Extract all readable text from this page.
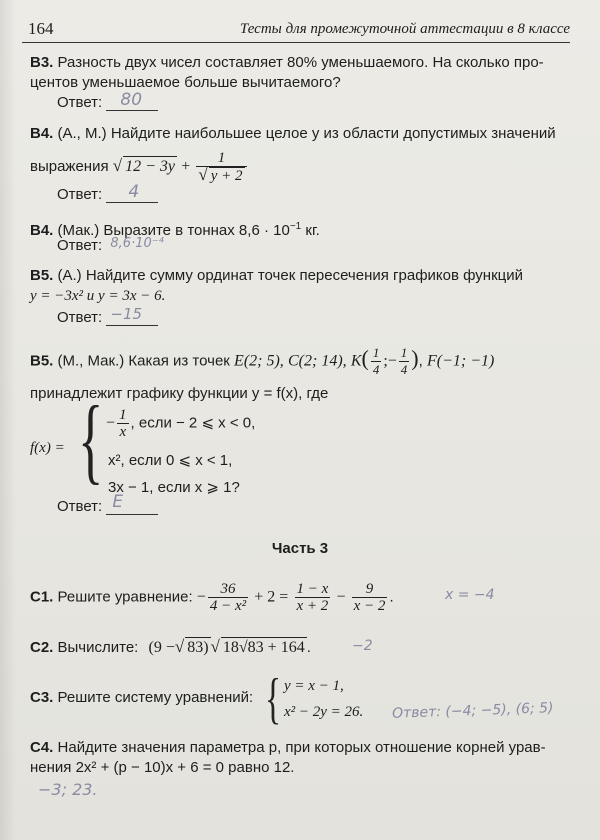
164	Тесты для промежуточной аттестации в 8 классе
B3. Разность двух чисел составляет 80% уменьшаемого. На сколько про-
центов уменьшаемое больше вычитаемого?
Ответ: 80
B4. (А., М.) Найдите наибольшее целое y из области допустимых значений
выражения √ $12 - 3y + \frac{1}{√ y + 2}$
Ответ: 4
B4. (Мак.) Выразите в тоннах $8,6 \cdot 10^{-1}$ кг.
Ответ: 8,6·10⁻⁴
B5. (А.) Найдите сумму ординат точек пересечения графиков функций
y = −3x² и y = 3x − 6.
Ответ: −15
B5. (М., Мак.) Какая из точек E(2; 5), C(2; 14), $K( \frac{1}{4}$ ;− $\frac{1}{4}$ ), F(−1; −1)
принадлежит графику функции y = f(x), где
f(x) = { − $\frac{1}{x}$ , если − 2 ⩽ x < 0,
x², если 0 ⩽ x < 1,
3x − 1, если x ⩾ 1?
Ответ: E
Часть 3
C1. Решите уравнение: − $\frac{36}{\text{4 − x²}} + 2 = \frac{1 - x}{x + 2} - \frac{9}{x - 2}$ .	x = −4
C2. Вычислите: (9 −√ 83) √ 18√83 + 164 .	−2
C3. Решите систему уравнений: { y = x − 1,
x² − 2y = 26. Ответ: (−4; −5), (6; 5)
C4. Найдите значения параметра p, при которых отношение корней урав-
нения 2x² + (p − 10)x + 6 = 0 равно 12.
−3; 23.
